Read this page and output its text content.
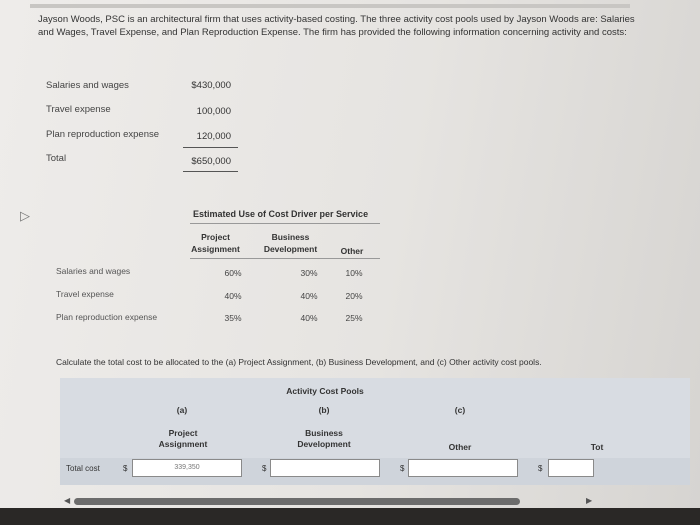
Jayson Woods, PSC is an architectural firm that uses activity-based costing. The three activity cost pools used by Jayson Woods are: Salaries and Wages, Travel Expense, and Plan Reproduction Expense. The firm has provided the following information concerning activity and costs:
Salaries and wages	$430,000
Travel expense	100,000
Plan reproduction expense	120,000
Total	$650,000
▷	Estimated Use of Cost Driver per Service
Project
Assignment
Business
Development	Other
Salaries and wages	60%	30%	10%
Travel expense	40%	40%	20%
Plan reproduction expense	35%	40%	25%
Calculate the total cost to be allocated to the (a) Project Assignment, (b) Business Development, and (c) Other activity cost pools.
Activity Cost Pools
(a)	(b)	(c)
Project
Assignment
Business
Development	Other	Tot
Total cost	$	339,350	$	$	$
◀	▶
